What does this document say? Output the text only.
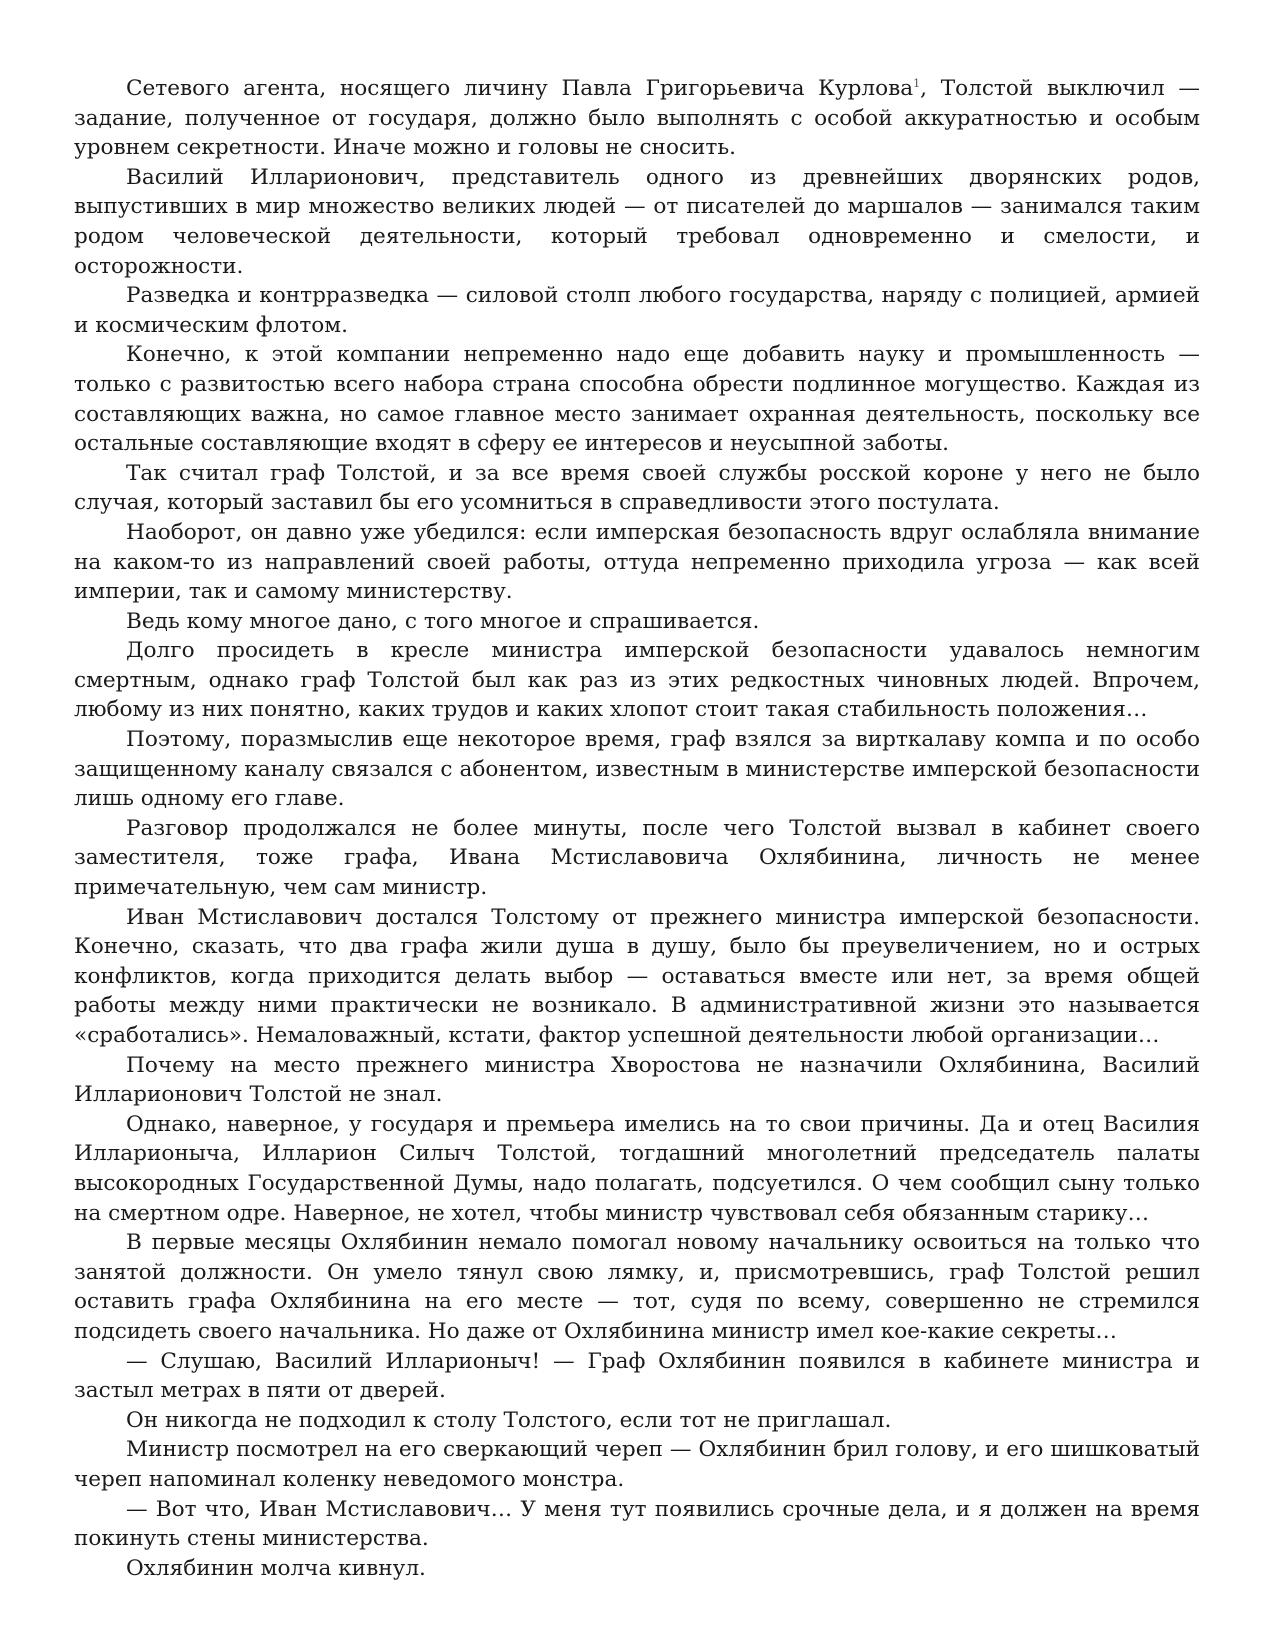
Сетевого агента, носящего личину Павла Григорьевича Курлова$^1$, Толстой выключил — задание, полученное от государя, должно было выполнять с особой аккуратностью и особым уровнем секретности. Иначе можно и головы не сносить.

Василий Илларионович, представитель одного из древнейших дворянских родов, выпустивших в мир множество великих людей — от писателей до маршалов — занимался таким родом человеческой деятельности, который требовал одновременно и смелости, и осторожности.

Разведка и контрразведка — силовой столп любого государства, наряду с полицией, армией и космическим флотом.

Конечно, к этой компании непременно надо еще добавить науку и промышленность — только с развитостью всего набора страна способна обрести подлинное могущество. Каждая из составляющих важна, но самое главное место занимает охранная деятельность, поскольку все остальные составляющие входят в сферу ее интересов и неусыпной заботы.

Так считал граф Толстой, и за все время своей службы росской короне у него не было случая, который заставил бы его усомниться в справедливости этого постулата.

Наоборот, он давно уже убедился: если имперская безопасность вдруг ослабляла внимание на каком-то из направлений своей работы, оттуда непременно приходила угроза — как всей империи, так и самому министерству.

Ведь кому многое дано, с того многое и спрашивается.

Долго просидеть в кресле министра имперской безопасности удавалось немногим смертным, однако граф Толстой был как раз из этих редкостных чиновных людей. Впрочем, любому из них понятно, каких трудов и каких хлопот стоит такая стабильность положения…

Поэтому, поразмыслив еще некоторое время, граф взялся за вирткалаву компа и по особо защищенному каналу связался с абонентом, известным в министерстве имперской безопасности лишь одному его главе.

Разговор продолжался не более минуты, после чего Толстой вызвал в кабинет своего заместителя, тоже графа, Ивана Мстиславовича Охлябинина, личность не менее примечательную, чем сам министр.

Иван Мстиславович достался Толстому от прежнего министра имперской безопасности. Конечно, сказать, что два графа жили душа в душу, было бы преувеличением, но и острых конфликтов, когда приходится делать выбор — оставаться вместе или нет, за время общей работы между ними практически не возникало. В административной жизни это называется «сработались». Немаловажный, кстати, фактор успешной деятельности любой организации…

Почему на место прежнего министра Хворостова не назначили Охлябинина, Василий Илларионович Толстой не знал.

Однако, наверное, у государя и премьера имелись на то свои причины. Да и отец Василия Илларионыча, Илларион Силыч Толстой, тогдашний многолетний председатель палаты высокородных Государственной Думы, надо полагать, подсуетился. О чем сообщил сыну только на смертном одре. Наверное, не хотел, чтобы министр чувствовал себя обязанным старику…

В первые месяцы Охлябинин немало помогал новому начальнику освоиться на только что занятой должности. Он умело тянул свою лямку, и, присмотревшись, граф Толстой решил оставить графа Охлябинина на его месте — тот, судя по всему, совершенно не стремился подсидеть своего начальника. Но даже от Охлябинина министр имел кое-какие секреты…

— Слушаю, Василий Илларионыч! — Граф Охлябинин появился в кабинете министра и застыл метрах в пяти от дверей.

Он никогда не подходил к столу Толстого, если тот не приглашал.

Министр посмотрел на его сверкающий череп — Охлябинин брил голову, и его шишковатый череп напоминал коленку неведомого монстра.

— Вот что, Иван Мстиславович… У меня тут появились срочные дела, и я должен на время покинуть стены министерства.

Охлябинин молча кивнул.
